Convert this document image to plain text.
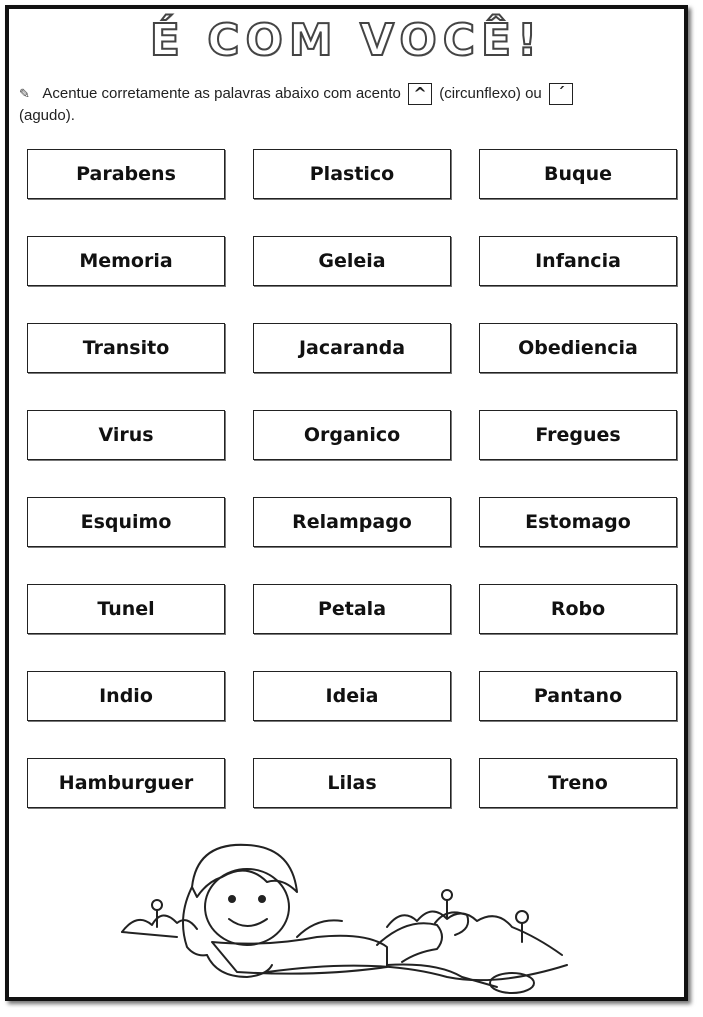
É COM VOCÊ!
✎ Acentue corretamente as palavras abaixo com acento ^ (circunflexo) ou ´
(agudo).
Parabens	Plastico	Buque
Memoria	Geleia	Infancia
Transito	Jacaranda	Obediencia
Virus	Organico	Fregues
Esquimo	Relampago	Estomago
Tunel	Petala	Robo
Indio	Ideia	Pantano
Hamburguer	Lilas	Treno
